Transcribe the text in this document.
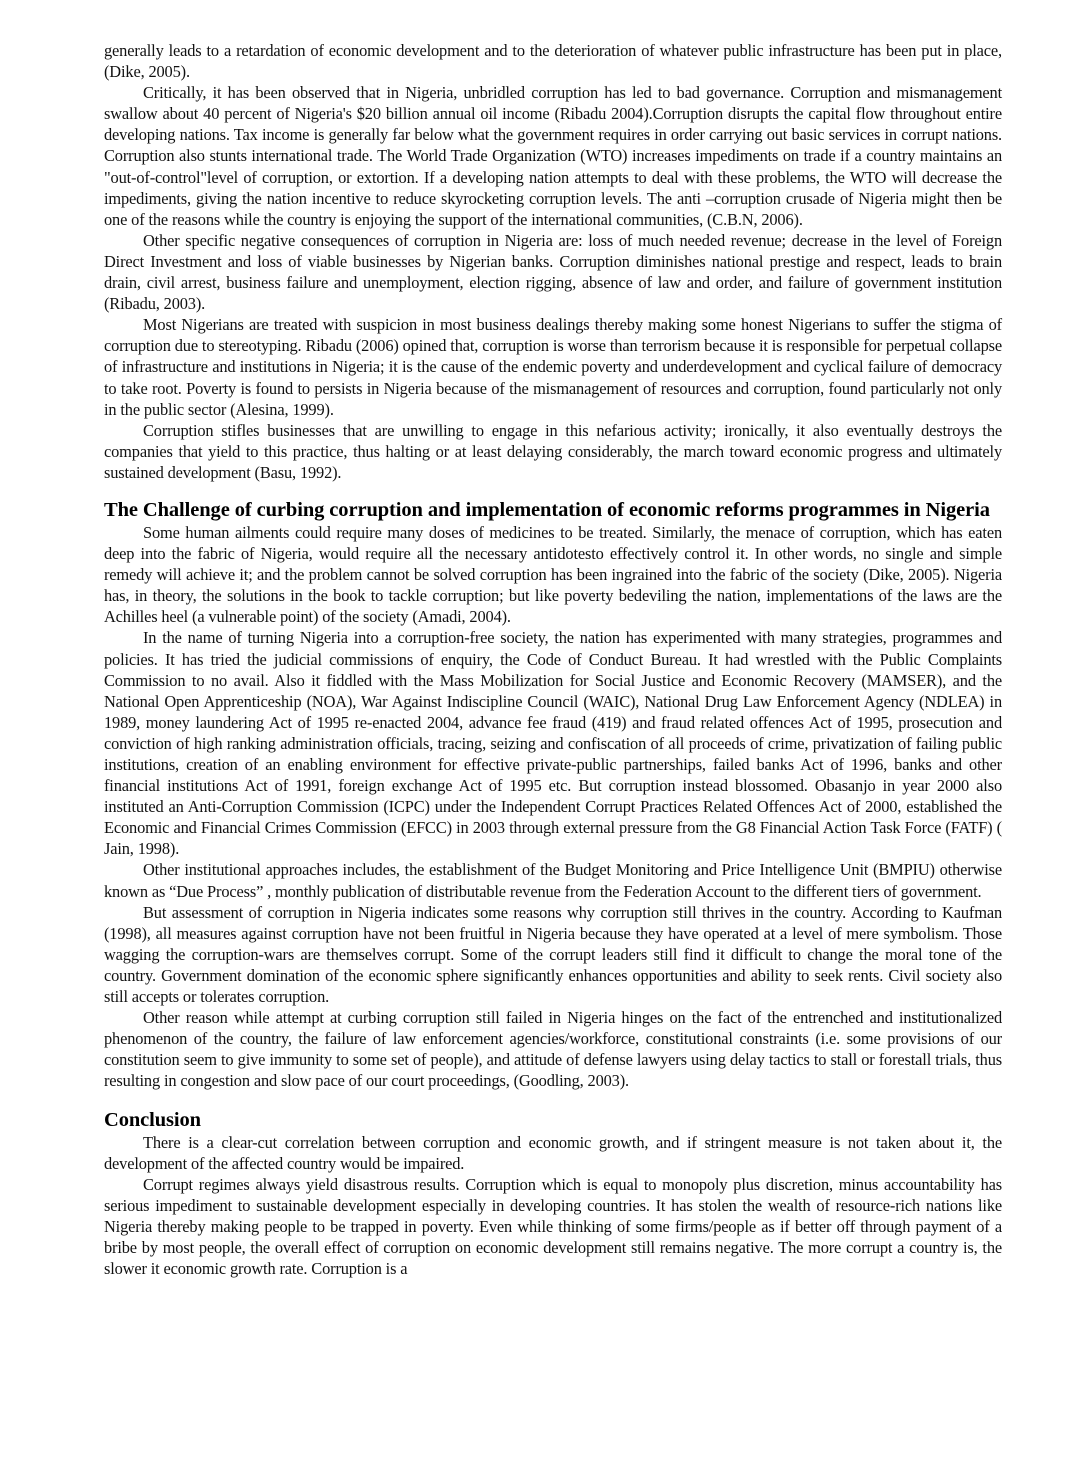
generally leads to a retardation of economic development and to the deterioration of whatever public infrastructure has been put in place, (Dike, 2005).

Critically, it has been observed that in Nigeria, unbridled corruption has led to bad governance. Corruption and mismanagement swallow about 40 percent of Nigeria's $20 billion annual oil income (Ribadu 2004).Corruption disrupts the capital flow throughout entire developing nations. Tax income is generally far below what the government requires in order carrying out basic services in corrupt nations. Corruption also stunts international trade. The World Trade Organization (WTO) increases impediments on trade if a country maintains an "out-of-control"level of corruption, or extortion. If a developing nation attempts to deal with these problems, the WTO will decrease the impediments, giving the nation incentive to reduce skyrocketing corruption levels. The anti –corruption crusade of Nigeria might then be one of the reasons while the country is enjoying the support of the international communities, (C.B.N, 2006).

Other specific negative consequences of corruption in Nigeria are: loss of much needed revenue; decrease in the level of Foreign Direct Investment and loss of viable businesses by Nigerian banks. Corruption diminishes national prestige and respect, leads to brain drain, civil arrest, business failure and unemployment, election rigging, absence of law and order, and failure of government institution (Ribadu, 2003).

Most Nigerians are treated with suspicion in most business dealings thereby making some honest Nigerians to suffer the stigma of corruption due to stereotyping. Ribadu (2006) opined that, corruption is worse than terrorism because it is responsible for perpetual collapse of infrastructure and institutions in Nigeria; it is the cause of the endemic poverty and underdevelopment and cyclical failure of democracy to take root. Poverty is found to persists in Nigeria because of the mismanagement of resources and corruption, found particularly not only in the public sector (Alesina, 1999).

Corruption stifles businesses that are unwilling to engage in this nefarious activity; ironically, it also eventually destroys the companies that yield to this practice, thus halting or at least delaying considerably, the march toward economic progress and ultimately sustained development (Basu, 1992).

The Challenge of curbing corruption and implementation of economic reforms programmes in Nigeria

Some human ailments could require many doses of medicines to be treated. Similarly, the menace of corruption, which has eaten deep into the fabric of Nigeria, would require all the necessary antidotesto effectively control it. In other words, no single and simple remedy will achieve it; and the problem cannot be solved corruption has been ingrained into the fabric of the society (Dike, 2005). Nigeria has, in theory, the solutions in the book to tackle corruption; but like poverty bedeviling the nation, implementations of the laws are the Achilles heel (a vulnerable point) of the society (Amadi, 2004).

In the name of turning Nigeria into a corruption-free society, the nation has experimented with many strategies, programmes and policies. It has tried the judicial commissions of enquiry, the Code of Conduct Bureau. It had wrestled with the Public Complaints Commission to no avail. Also it fiddled with the Mass Mobilization for Social Justice and Economic Recovery (MAMSER), and the National Open Apprenticeship (NOA), War Against Indiscipline Council (WAIC), National Drug Law Enforcement Agency (NDLEA) in 1989, money laundering Act of 1995 re-enacted 2004, advance fee fraud (419) and fraud related offences Act of 1995, prosecution and conviction of high ranking administration officials, tracing, seizing and confiscation of all proceeds of crime, privatization of failing public institutions, creation of an enabling environment for effective private-public partnerships, failed banks Act of 1996, banks and other financial institutions Act of 1991, foreign exchange Act of 1995 etc. But corruption instead blossomed. Obasanjo in year 2000 also instituted an Anti-Corruption Commission (ICPC) under the Independent Corrupt Practices Related Offences Act of 2000, established the Economic and Financial Crimes Commission (EFCC) in 2003 through external pressure from the G8 Financial Action Task Force (FATF) ( Jain, 1998).

Other institutional approaches includes, the establishment of the Budget Monitoring and Price Intelligence Unit (BMPIU) otherwise known as “Due Process” , monthly publication of distributable revenue from the Federation Account to the different tiers of government.

But assessment of corruption in Nigeria indicates some reasons why corruption still thrives in the country. According to Kaufman (1998), all measures against corruption have not been fruitful in Nigeria because they have operated at a level of mere symbolism. Those wagging the corruption-wars are themselves corrupt. Some of the corrupt leaders still find it difficult to change the moral tone of the country. Government domination of the economic sphere significantly enhances opportunities and ability to seek rents. Civil society also still accepts or tolerates corruption.

Other reason while attempt at curbing corruption still failed in Nigeria hinges on the fact of the entrenched and institutionalized phenomenon of the country, the failure of law enforcement agencies/workforce, constitutional constraints (i.e. some provisions of our constitution seem to give immunity to some set of people), and attitude of defense lawyers using delay tactics to stall or forestall trials, thus resulting in congestion and slow pace of our court proceedings, (Goodling, 2003).

Conclusion

There is a clear-cut correlation between corruption and economic growth, and if stringent measure is not taken about it, the development of the affected country would be impaired.

Corrupt regimes always yield disastrous results. Corruption which is equal to monopoly plus discretion, minus accountability has serious impediment to sustainable development especially in developing countries. It has stolen the wealth of resource-rich nations like Nigeria thereby making people to be trapped in poverty. Even while thinking of some firms/people as if better off through payment of a bribe by most people, the overall effect of corruption on economic development still remains negative. The more corrupt a country is, the slower it economic growth rate. Corruption is a
